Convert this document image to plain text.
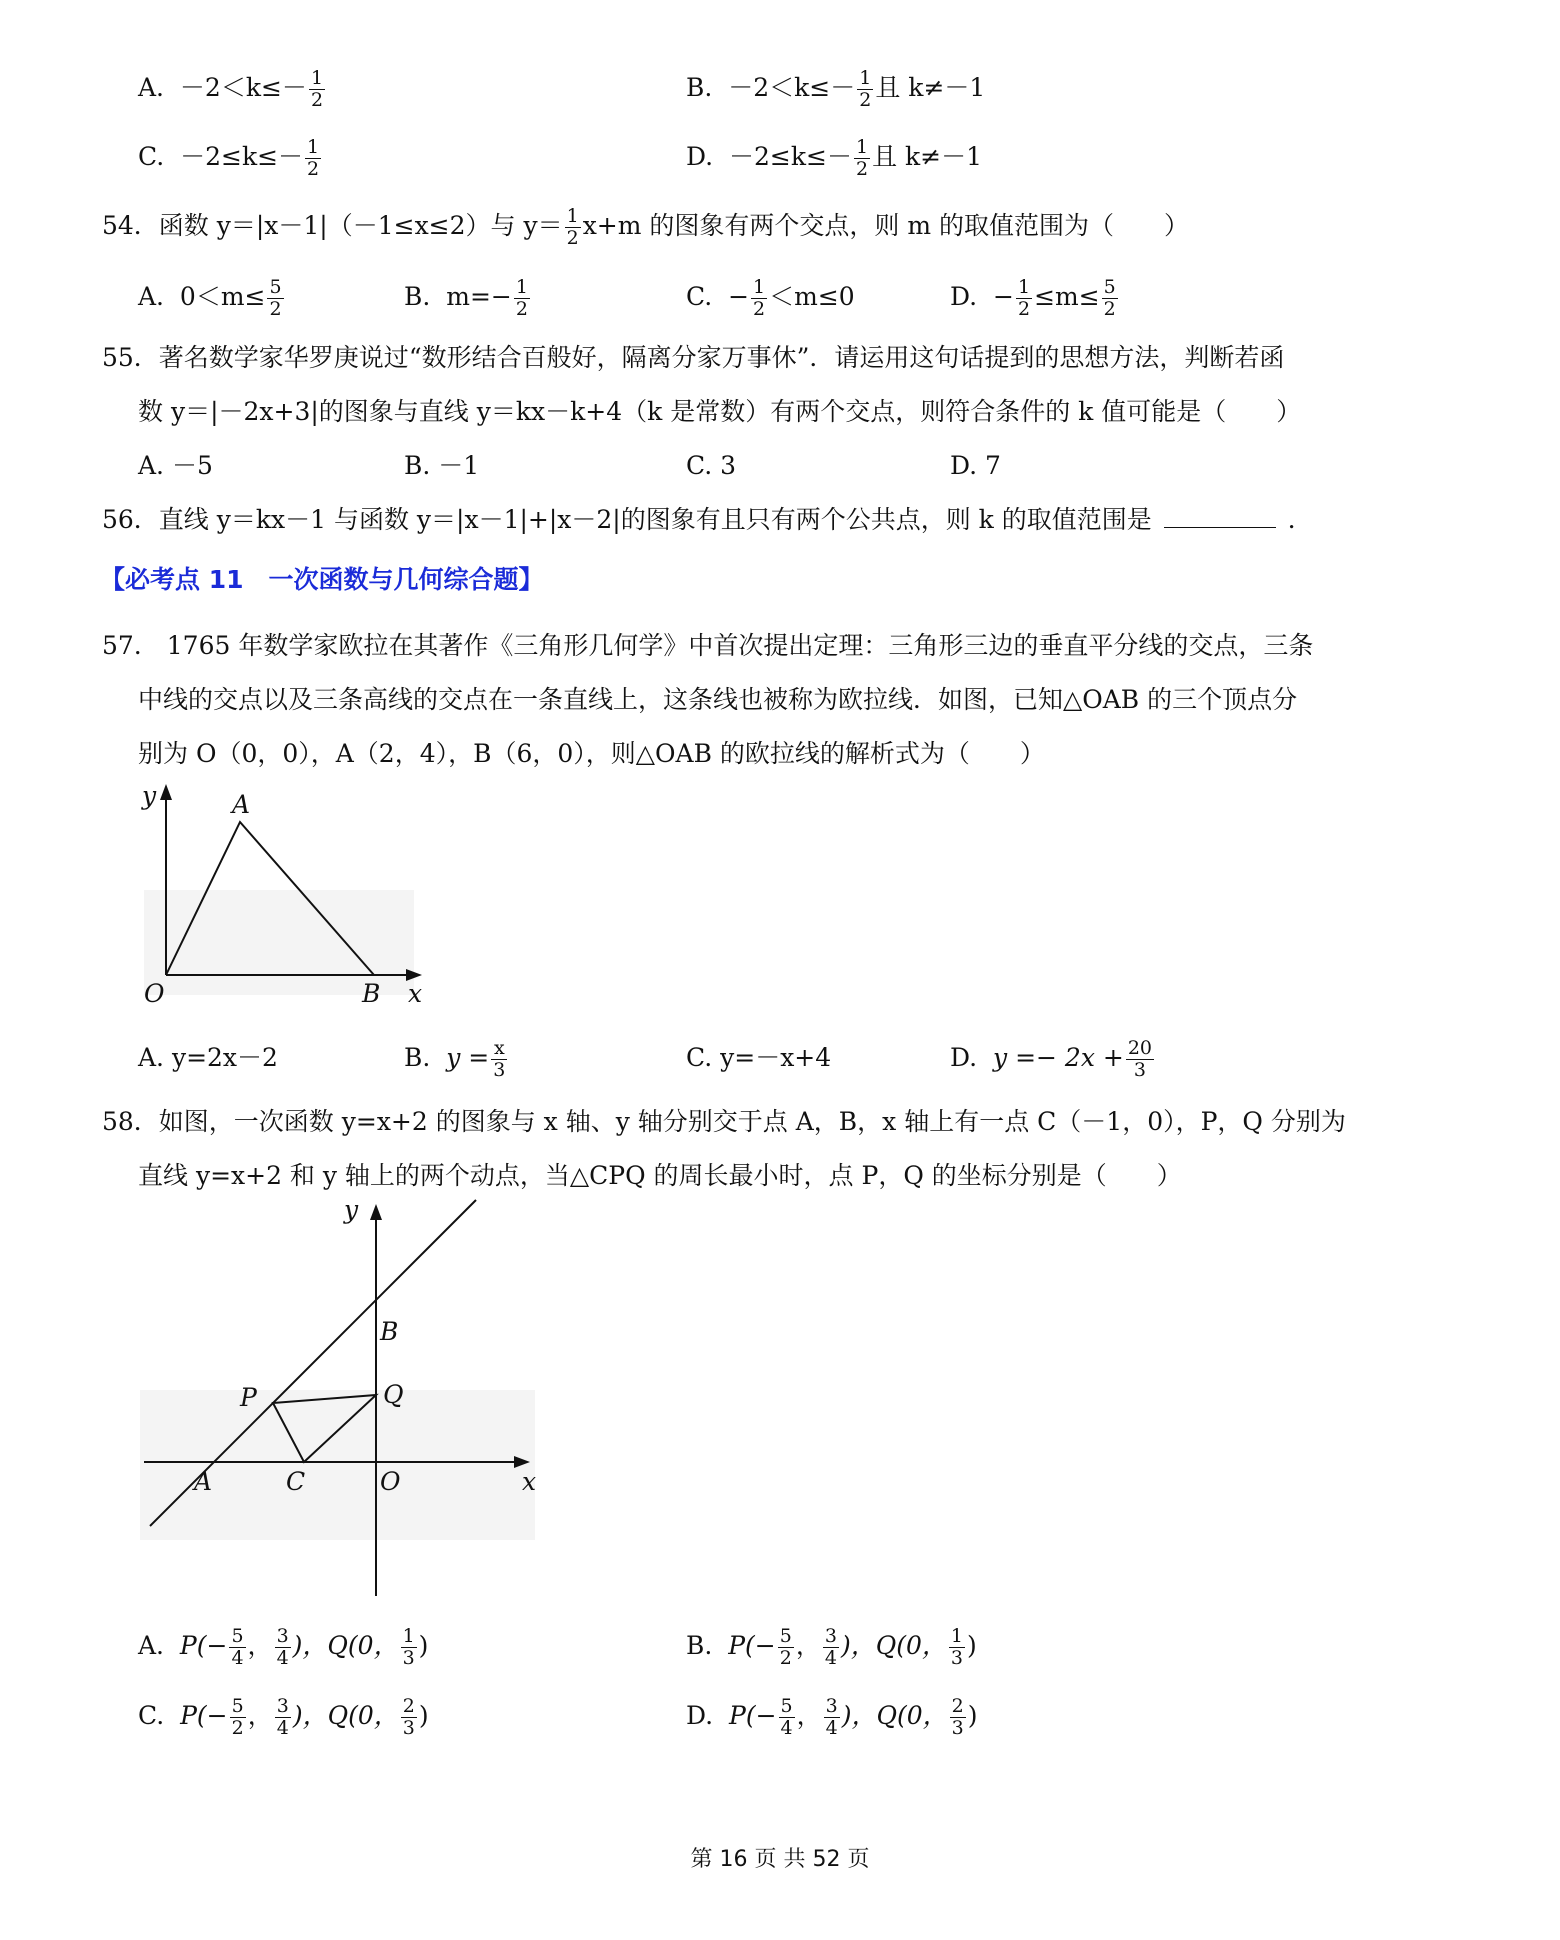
A. $-2<k\le- \frac{1}{2}$	B. $-2<k\le- \frac{1}{2}$ 且 k≠－1
C. $-2\le k\le- \frac{1}{2}$	D. $-2\le k\le- \frac{1}{2}$ 且 k≠－1
54．函数 y＝|x－1|（－1≤x≤2）与 $y= \frac{1}{2} x+m$ 的图象有两个交点，则 m 的取值范围为（　　）
A. $0<m\le \frac{5}{2}$	B. $m=- \frac{1}{2}$	C. − $\frac{1}{2} <m\le 0$	D. − $\frac{1}{2} \le m\le \frac{5}{2}$
55．著名数学家华罗庚说过“数形结合百般好，隔离分家万事休”．请运用这句话提到的思想方法，判断若函
数 y＝|－2x+3|的图象与直线 y＝kx－k+4（k 是常数）有两个交点，则符合条件的 k 值可能是（　　）
A. －5	B. －1	C. 3	D. 7
56．直线 y＝kx－1 与函数 y＝|x－1|+|x－2|的图象有且只有两个公共点，则 k 的取值范围是	．
【必考点 11　一次函数与几何综合题】
57.　1765 年数学家欧拉在其著作《三角形几何学》中首次提出定理：三角形三边的垂直平分线的交点，三条
中线的交点以及三条高线的交点在一条直线上，这条线也被称为欧拉线．如图，已知△OAB 的三个顶点分
别为 O（0，0），A（2，4），B（6，0），则△OAB 的欧拉线的解析式为（　　）
y	A
O	B x
A. y=2x－2	B. $y = \frac{x}{3}$	C. y=－x+4	D. $y =- 2x + \frac{20}{3}$
58．如图，一次函数 y=x+2 的图象与 x 轴、y 轴分别交于点 A，B，x 轴上有一点 C（－1，0），P，Q 分别为
直线 y=x+2 和 y 轴上的两个动点，当△CPQ 的周长最小时，点 P，Q 的坐标分别是（　　）
y
B
P	Q
A	C	O	x
A. $P(- \frac{5}{4}$ ， $\frac{3}{4}$ )，Q(0， $\frac{1}{3}$ )	B. $P(- \frac{5}{2}$ ， $\frac{3}{4}$ )，Q(0， $\frac{1}{3}$ )
C. $P(- \frac{5}{2}$ ， $\frac{3}{4}$ )，Q(0， $\frac{2}{3}$ )	D. $P(- \frac{5}{4}$ ， $\frac{3}{4}$ )，Q(0， $\frac{2}{3}$ )
第 16 页 共 52 页
